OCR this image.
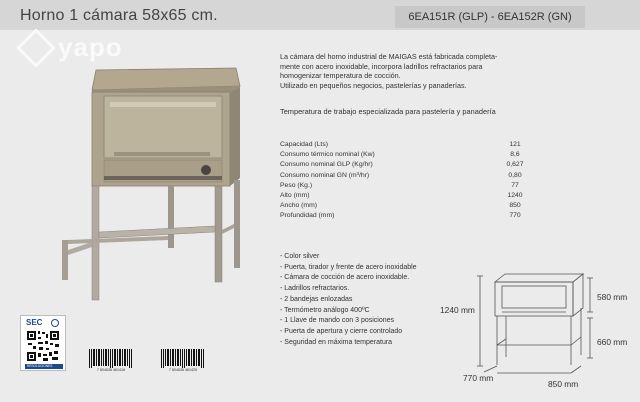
Horno 1 cámara 58x65 cm.	6EA151R (GLP) - 6EA152R (GN)
yapo	La cámara del horno industrial de MAIGAS está fabricada completa-
mente con acero inoxidable, incorpora ladrillos refractarios para
homogenizar temperatura de cocción.
Utilizado en pequeños negocios, pastelerías y panaderías.
Temperatura de trabajo especializada para pastelería y panadería
Capacidad (Lts)	121
Consumo térmico nominal (Kw)	8,6
Consumo nominal GLP (Kg/hr)	0,627
Consumo nominal GN (m³/hr)	0,80
Peso (Kg.)	77
Alto (mm)	1240
Ancho (mm)	850
Profundidad (mm)	770
- Color silver
- Puerta, tirador y frente de acero inoxidable
- Cámara de cocción de acero inoxidable.
- Ladrillos refractarios.
- 2 bandejas enlozadas
- Termómetro análogo 400ºC
- 1 Llave de mando con 3 posiciones
- Puerta de apertura y cierre controlado
- Seguridad en máxima temperatura
SEC
RESOLUCIONES
7 804636 461418	7 804636 461425
1240 mm
580 mm
660 mm
770 mm
850 mm
